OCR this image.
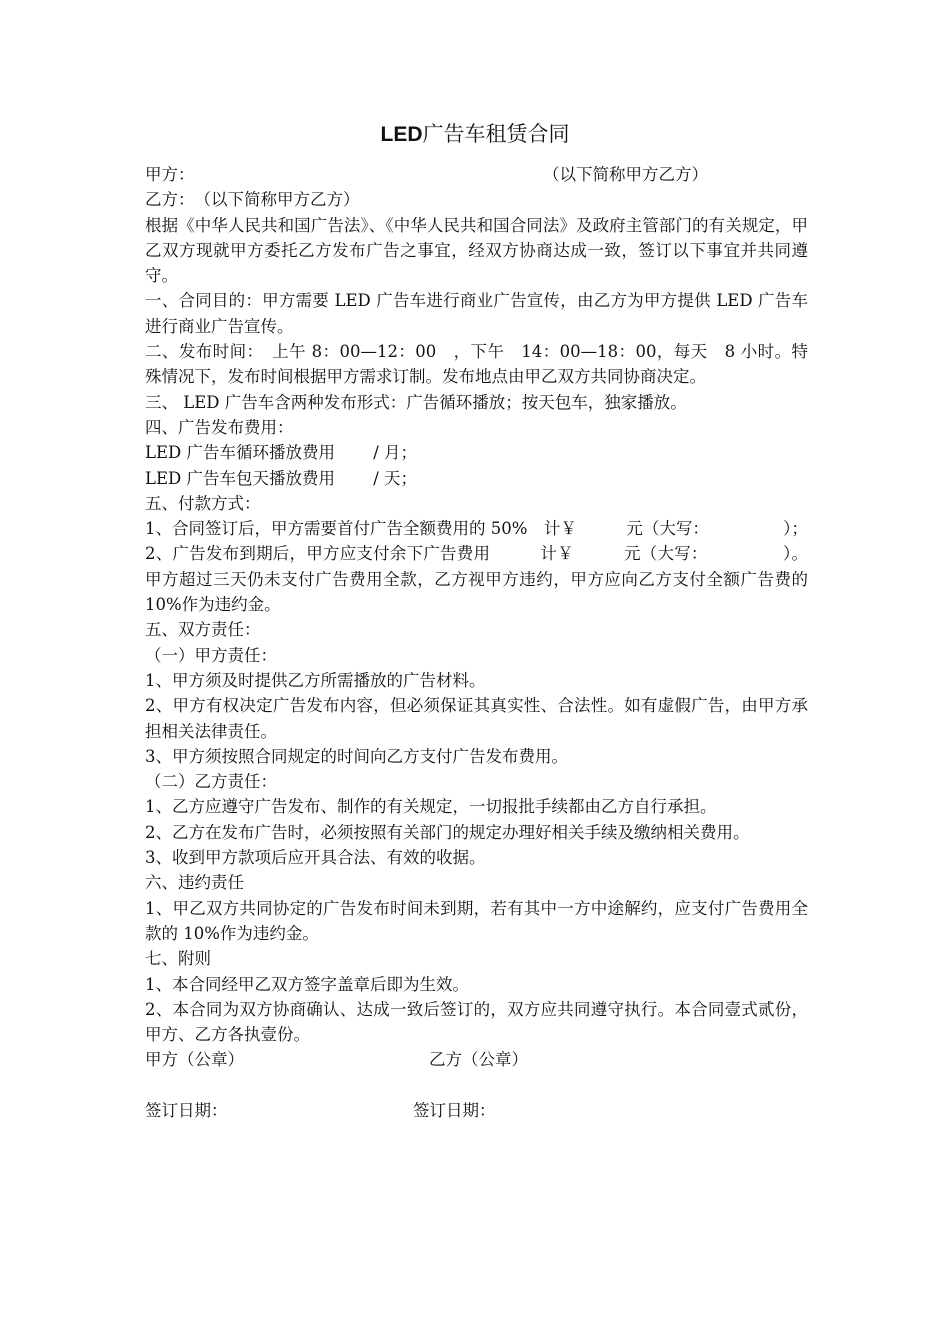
LED广告车租赁合同
甲方：	（以下简称甲方乙方）

乙方：　（以下简称甲方乙方）

根据《中华人民共和国广告法》、《中华人民共和国合同法》及政府主管部门的有关规定，甲乙双方现就甲方委托乙方发布广告之事宜，经双方协商达成一致，签订以下事宜并共同遵守。

一、合同目的：甲方需要 LED 广告车进行商业广告宣传，由乙方为甲方提供 LED 广告车进行商业广告宣传。

二、发布时间：　上午 8：00—12：00　，下午　14：00—18：00，每天　8 小时。特殊情况下，发布时间根据甲方需求订制。发布地点由甲乙双方共同协商决定。

三、 LED 广告车含两种发布形式：广告循环播放；按天包车，独家播放。

四、广告发布费用：

LED 广告车循环播放费用　　 / 月；

LED 广告车包天播放费用　　 / 天；

五、付款方式：

1、合同签订后，甲方需要首付广告全额费用的 50%　计￥　　　元（大写：　　　　　）；

2、广告发布到期后，甲方应支付余下广告费用　　　计￥　　　元（大写：　　　　　）。甲方超过三天仍未支付广告费用全款，乙方视甲方违约，甲方应向乙方支付全额广告费的 10%作为违约金。

五、双方责任：

（一）甲方责任：

1、甲方须及时提供乙方所需播放的广告材料。

2、甲方有权决定广告发布内容，但必须保证其真实性、合法性。如有虚假广告，由甲方承担相关法律责任。

3、甲方须按照合同规定的时间向乙方支付广告发布费用。

（二）乙方责任：

1、乙方应遵守广告发布、制作的有关规定，一切报批手续都由乙方自行承担。

2、乙方在发布广告时，必须按照有关部门的规定办理好相关手续及缴纳相关费用。

3、收到甲方款项后应开具合法、有效的收据。

六、违约责任

1、甲乙双方共同协定的广告发布时间未到期，若有其中一方中途解约，应支付广告费用全款的 10%作为违约金。

七、附则

1、本合同经甲乙双方签字盖章后即为生效。

2、本合同为双方协商确认、达成一致后签订的，双方应共同遵守执行。本合同壹式贰份，甲方、乙方各执壹份。

甲方（公章）	乙方（公章）
签订日期：	签订日期：
